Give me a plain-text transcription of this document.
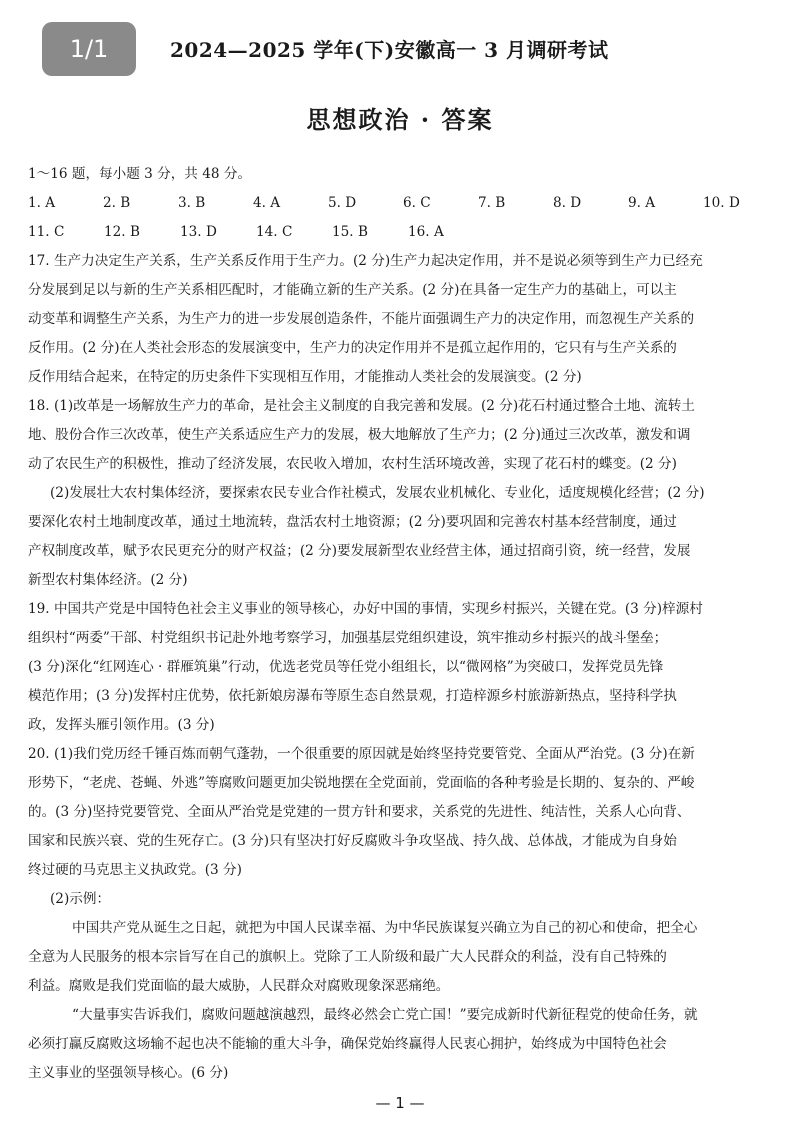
1/1	2024—2025 学年(下)安徽高一 3 月调研考试
思想政治 · 答案
1～16 题，每小题 3 分，共 48 分。
1. A	2. B	3. B	4. A	5. D	6. C	7. B	8. D	9. A	10. D
11. C	12. B	13. D	14. C	15. B	16. A
17. 生产力决定生产关系，生产关系反作用于生产力。(2 分)生产力起决定作用，并不是说必须等到生产力已经充
分发展到足以与新的生产关系相匹配时，才能确立新的生产关系。(2 分)在具备一定生产力的基础上，可以主
动变革和调整生产关系，为生产力的进一步发展创造条件，不能片面强调生产力的决定作用，而忽视生产关系的
反作用。(2 分)在人类社会形态的发展演变中，生产力的决定作用并不是孤立起作用的，它只有与生产关系的
反作用结合起来，在特定的历史条件下实现相互作用，才能推动人类社会的发展演变。(2 分)
18. (1)改革是一场解放生产力的革命，是社会主义制度的自我完善和发展。(2 分)花石村通过整合土地、流转土
地、股份合作三次改革，使生产关系适应生产力的发展，极大地解放了生产力；(2 分)通过三次改革，激发和调
动了农民生产的积极性，推动了经济发展，农民收入增加，农村生活环境改善，实现了花石村的蝶变。(2 分)
(2)发展壮大农村集体经济，要探索农民专业合作社模式，发展农业机械化、专业化，适度规模化经营；(2 分)
要深化农村土地制度改革，通过土地流转，盘活农村土地资源；(2 分)要巩固和完善农村基本经营制度，通过
产权制度改革，赋予农民更充分的财产权益；(2 分)要发展新型农业经营主体，通过招商引资，统一经营，发展
新型农村集体经济。(2 分)
19. 中国共产党是中国特色社会主义事业的领导核心，办好中国的事情，实现乡村振兴，关键在党。(3 分)梓源村
组织村“两委”干部、村党组织书记赴外地考察学习，加强基层党组织建设，筑牢推动乡村振兴的战斗堡垒；
(3 分)深化“红网连心 · 群雁筑巢”行动，优选老党员等任党小组组长，以“微网格”为突破口，发挥党员先锋
模范作用；(3 分)发挥村庄优势，依托新娘房瀑布等原生态自然景观，打造梓源乡村旅游新热点，坚持科学执
政，发挥头雁引领作用。(3 分)
20. (1)我们党历经千锤百炼而朝气蓬勃，一个很重要的原因就是始终坚持党要管党、全面从严治党。(3 分)在新
形势下，“老虎、苍蝇、外逃”等腐败问题更加尖锐地摆在全党面前，党面临的各种考验是长期的、复杂的、严峻
的。(3 分)坚持党要管党、全面从严治党是党建的一贯方针和要求，关系党的先进性、纯洁性，关系人心向背、
国家和民族兴衰、党的生死存亡。(3 分)只有坚决打好反腐败斗争攻坚战、持久战、总体战，才能成为自身始
终过硬的马克思主义执政党。(3 分)
(2)示例：
中国共产党从诞生之日起，就把为中国人民谋幸福、为中华民族谋复兴确立为自己的初心和使命，把全心
全意为人民服务的根本宗旨写在自己的旗帜上。党除了工人阶级和最广大人民群众的利益，没有自己特殊的
利益。腐败是我们党面临的最大威胁，人民群众对腐败现象深恶痛绝。
“大量事实告诉我们，腐败问题越演越烈，最终必然会亡党亡国！”要完成新时代新征程党的使命任务，就
必须打赢反腐败这场输不起也决不能输的重大斗争，确保党始终赢得人民衷心拥护，始终成为中国特色社会
主义事业的坚强领导核心。(6 分)
— 1 —
